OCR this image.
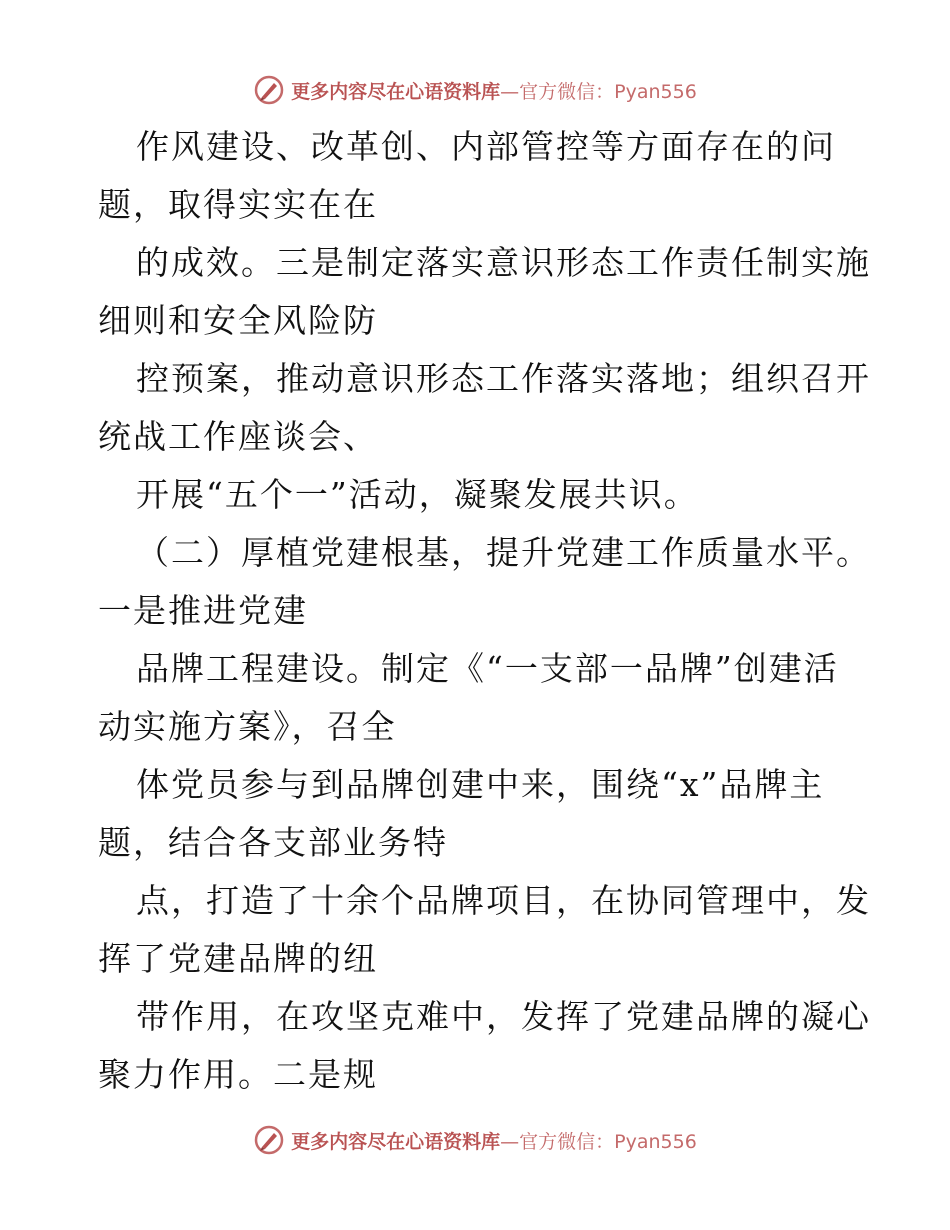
更多内容尽在心语资料库—官方微信：Pyan556
作风建设、改革创、内部管控等方面存在的问
题，取得实实在在
的成效。三是制定落实意识形态工作责任制实施
细则和安全风险防
控预案，推动意识形态工作落实落地；组织召开
统战工作座谈会、
开展“五个一”活动，凝聚发展共识。
（二）厚植党建根基，提升党建工作质量水平。
一是推进党建
品牌工程建设。制定《“一支部一品牌”创建活
动实施方案》，召全
体党员参与到品牌创建中来，围绕“x”品牌主
题，结合各支部业务特
点，打造了十余个品牌项目，在协同管理中，发
挥了党建品牌的纽
带作用，在攻坚克难中，发挥了党建品牌的凝心
聚力作用。二是规
更多内容尽在心语资料库—官方微信：Pyan556
